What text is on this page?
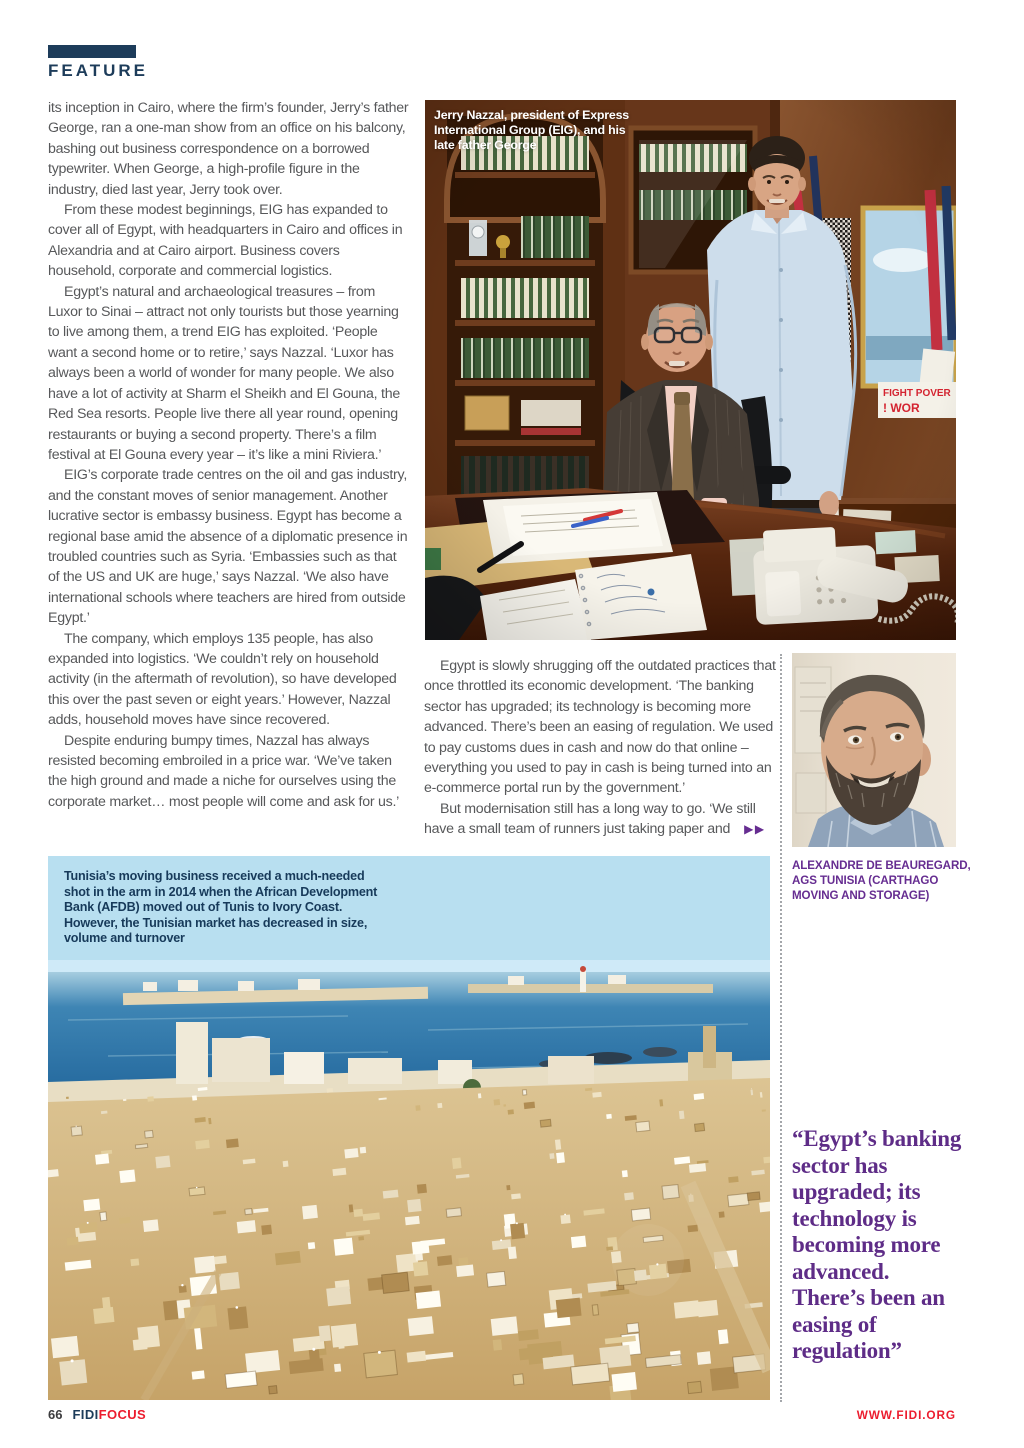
FEATURE

its inception in Cairo, where the firm’s founder, Jerry’s father George, ran a one-man show from an office on his balcony, bashing out business correspondence on a borrowed typewriter. When George, a high-profile figure in the industry, died last year, Jerry took over.

From these modest beginnings, EIG has expanded to cover all of Egypt, with headquarters in Cairo and offices in Alexandria and at Cairo airport. Business covers household, corporate and commercial logistics.

Egypt’s natural and archaeological treasures – from Luxor to Sinai – attract not only tourists but those yearning to live among them, a trend EIG has exploited. ‘People want a second home or to retire,’ says Nazzal. ‘Luxor has always been a world of wonder for many people. We also have a lot of activity at Sharm el Sheikh and El Gouna, the Red Sea resorts. People live there all year round, opening restaurants or buying a second property. There’s a film festival at El Gouna every year – it’s like a mini Riviera.’

EIG’s corporate trade centres on the oil and gas industry, and the constant moves of senior management. Another lucrative sector is embassy business. Egypt has become a regional base amid the absence of a diplomatic presence in troubled countries such as Syria. ‘Embassies such as that of the US and UK are huge,’ says Nazzal. ‘We also have international schools where teachers are hired from outside Egypt.’

The company, which employs 135 people, has also expanded into logistics. ‘We couldn’t rely on household activity (in the aftermath of revolution), so have developed this over the past seven or eight years.’ However, Nazzal adds, household moves have since recovered.

Despite enduring bumpy times, Nazzal has always resisted becoming embroiled in a price war. ‘We’ve taken the high ground and made a niche for ourselves using the corporate market… most people will come and ask for us.’

Jerry Nazzal, president of Express International Group (EIG), and his late father George

Egypt is slowly shrugging off the outdated practices that once throttled its economic development. ‘The banking sector has upgraded; its technology is becoming more advanced. There’s been an easing of regulation. We used to pay customs dues in cash and now do that online – everything you used to pay in cash is being turned into an e-commerce portal run by the government.’

But modernisation still has a long way to go. ‘We still have a small team of runners just taking paper and ▶▶

ALEXANDRE DE BEAUREGARD, AGS TUNISIA (CARTHAGO MOVING AND STORAGE)
Tunisia’s moving business received a much-needed shot in the arm in 2014 when the African Development Bank (AFDB) moved out of Tunis to Ivory Coast. However, the Tunisian market has decreased in size, volume and turnover
“Egypt’s banking sector has upgraded; its technology is becoming more advanced. There’s been an easing of regulation”
66 FIDIFOCUS	WWW.FIDI.ORG
